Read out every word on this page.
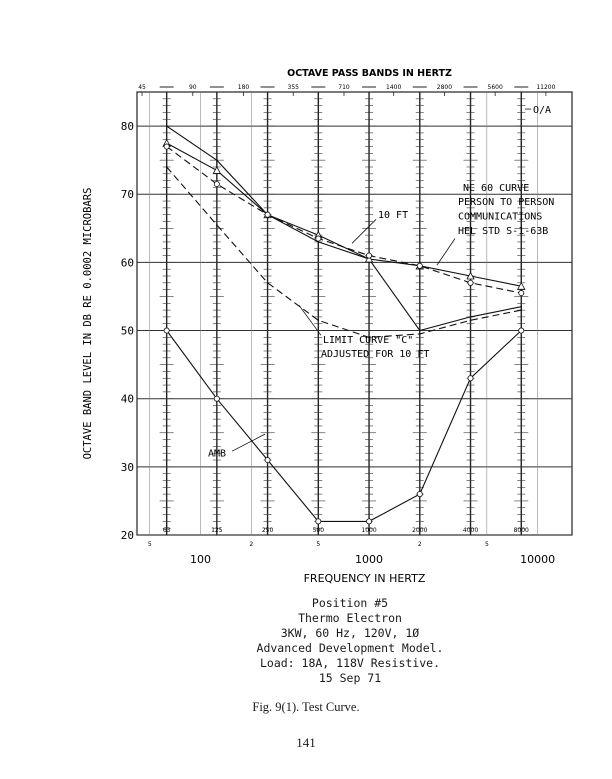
20
30
40
50
60
70
80
63	125	250	500	1000	2000	4000	8000
45	90	180	355	710	1400	2800	5600	11200
OCTAVE PASS BANDS IN HERTZ
100	1000	10000
5	2	5	2	5
FREQUENCY IN HERTZ
OCTAVE BAND LEVEL IN DB RE 0.0002 MICROBARS
O/A
10 FT
NC 60 CURVE
PERSON TO PERSON
COMMUNICATIONS
HEL STD S-1-63B
LIMIT CURVE "C"
ADJUSTED FOR 10 FT
AMB
Position #5
Thermo Electron
3KW, 60 Hz, 120V, 1Ø
Advanced Development Model.
Load: 18A, 118V Resistive.
15 Sep 71
Fig. 9(1). Test Curve.
141
